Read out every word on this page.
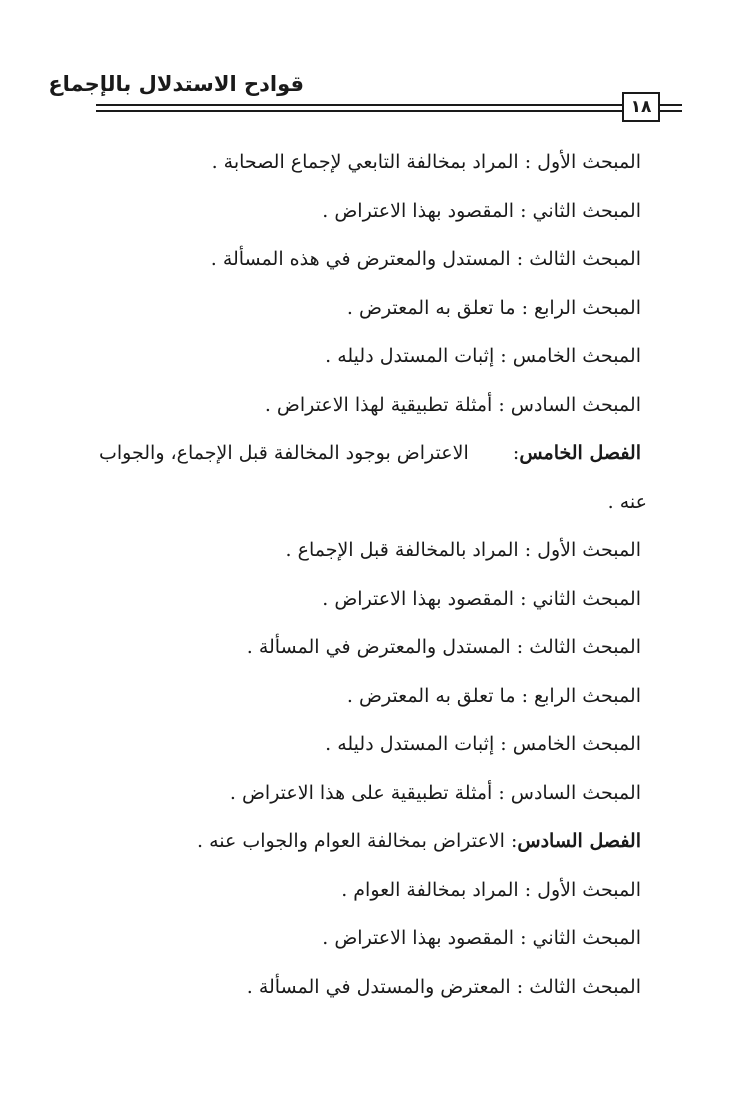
قوادح الاستدلال بالإجماع
١٨
المبحث الأول : المراد بمخالفة التابعي لإجماع الصحابة .
المبحث الثاني : المقصود بهذا الاعتراض .
المبحث الثالث : المستدل والمعترض في هذه المسألة .
المبحث الرابع : ما تعلق به المعترض .
المبحث الخامس : إثبات المستدل دليله .
المبحث السادس : أمثلة تطبيقية لهذا الاعتراض .
الفصل الخامس:
الاعتراض بوجود المخالفة قبل الإجماع، والجواب
عنه .
المبحث الأول : المراد بالمخالفة قبل الإجماع .
المبحث الثاني : المقصود بهذا الاعتراض .
المبحث الثالث : المستدل والمعترض في المسألة .
المبحث الرابع : ما تعلق به المعترض .
المبحث الخامس : إثبات المستدل دليله .
المبحث السادس : أمثلة تطبيقية على هذا الاعتراض .
الفصل السادس: الاعتراض بمخالفة العوام والجواب عنه .
المبحث الأول : المراد بمخالفة العوام .
المبحث الثاني : المقصود بهذا الاعتراض .
المبحث الثالث : المعترض والمستدل في المسألة .
